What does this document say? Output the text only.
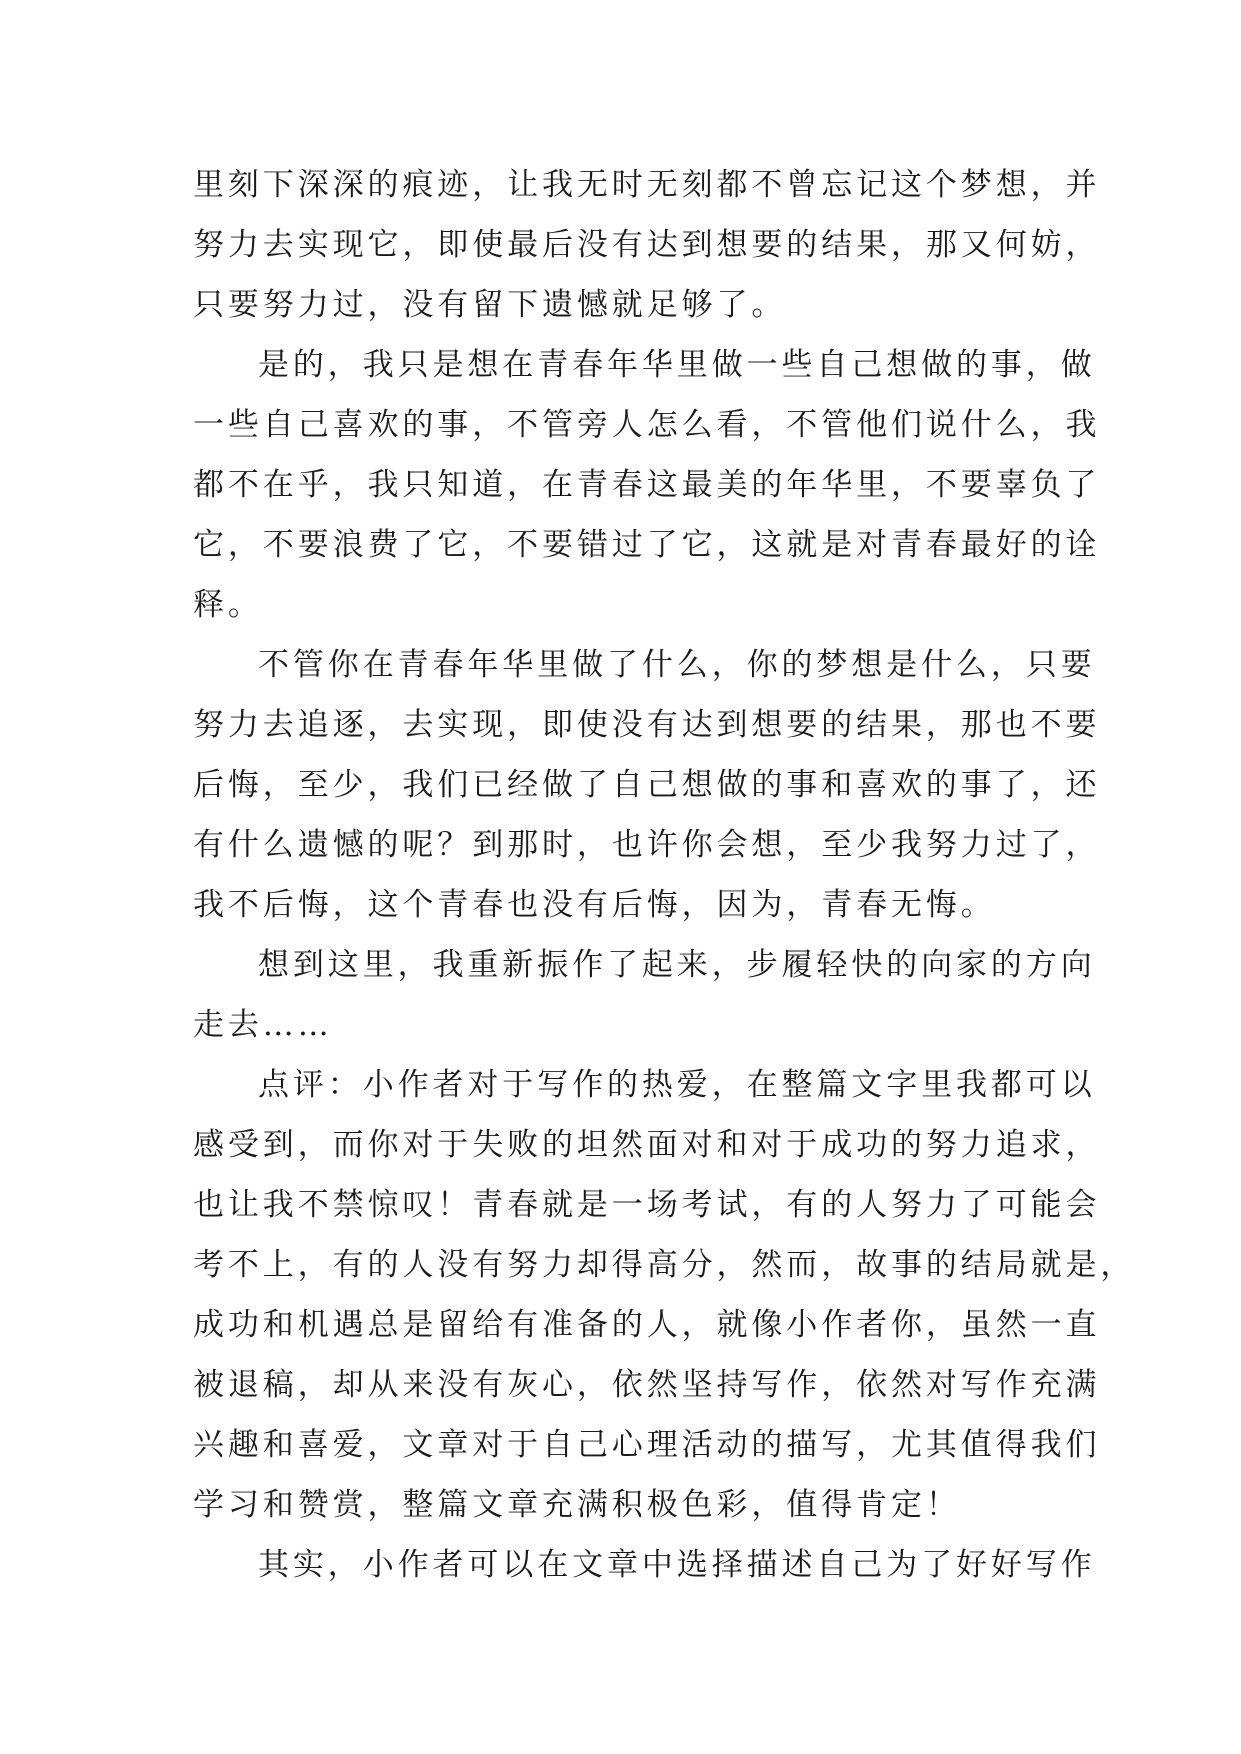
里刻下深深的痕迹，让我无时无刻都不曾忘记这个梦想，并
努力去实现它，即使最后没有达到想要的结果，那又何妨，
只要努力过，没有留下遗憾就足够了。
是的，我只是想在青春年华里做一些自己想做的事，做
一些自己喜欢的事，不管旁人怎么看，不管他们说什么，我
都不在乎，我只知道，在青春这最美的年华里，不要辜负了
它，不要浪费了它，不要错过了它，这就是对青春最好的诠
释。
不管你在青春年华里做了什么，你的梦想是什么，只要
努力去追逐，去实现，即使没有达到想要的结果，那也不要
后悔，至少，我们已经做了自己想做的事和喜欢的事了，还
有什么遗憾的呢？到那时，也许你会想，至少我努力过了，
我不后悔，这个青春也没有后悔，因为，青春无悔。
想到这里，我重新振作了起来，步履轻快的向家的方向
走去……
点评：小作者对于写作的热爱，在整篇文字里我都可以
感受到，而你对于失败的坦然面对和对于成功的努力追求，
也让我不禁惊叹！青春就是一场考试，有的人努力了可能会
考不上，有的人没有努力却得高分，然而，故事的结局就是，
成功和机遇总是留给有准备的人，就像小作者你，虽然一直
被退稿，却从来没有灰心，依然坚持写作，依然对写作充满
兴趣和喜爱，文章对于自己心理活动的描写，尤其值得我们
学习和赞赏，整篇文章充满积极色彩，值得肯定！
其实，小作者可以在文章中选择描述自己为了好好写作
